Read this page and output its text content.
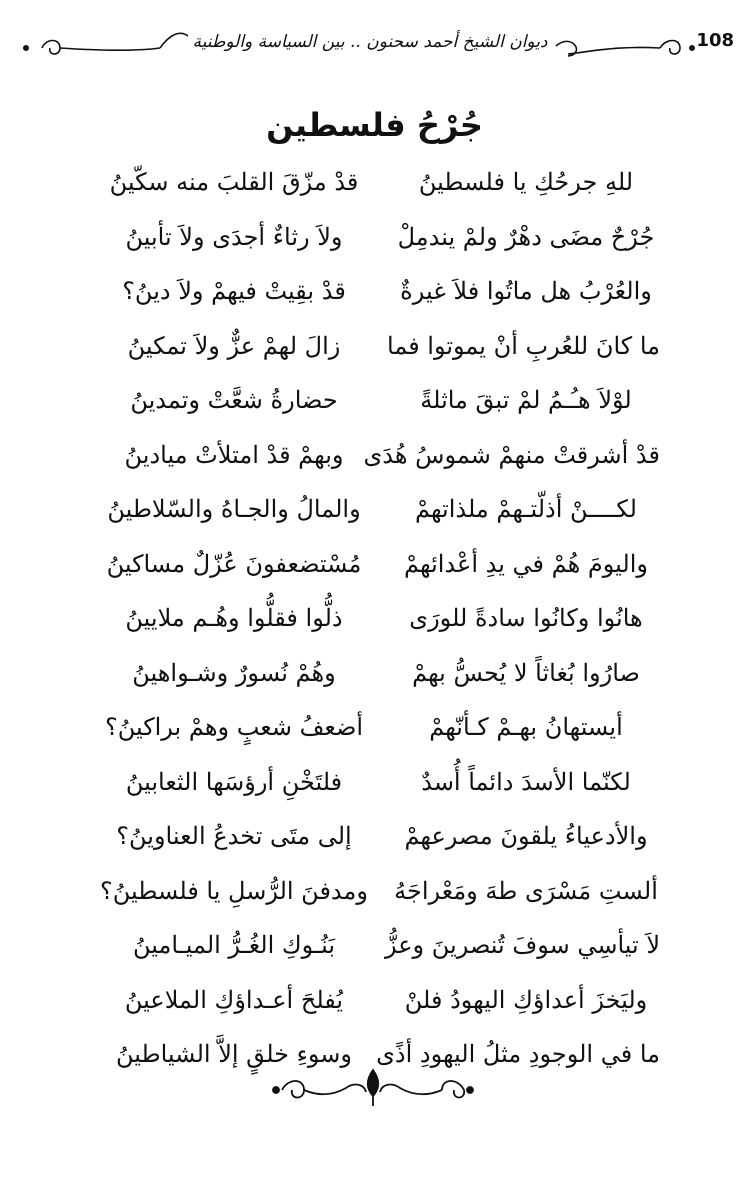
ديوان الشيخ أحمد سحنون .. بين السياسة والوطنية	108
جُرْحُ فلسطين
للهِ جرحُكِ يا فلسطينُ
قدْ مزّقَ القلبَ منه سكّينُ
جُرْحٌ مضَى دهْرٌ ولمْ يندمِلْ
ولاَ رثاءٌ أجدَى ولاَ تأبينُ
والعُرْبُ هل ماتُوا فلاَ غيرةٌ
قدْ بقِيتْ فيهمْ ولاَ دينُ؟
ما كانَ للعُربِ أنْ يموتوا فما
زالَ لهمْ عزٌّ ولاَ تمكينُ
لوْلاَ هـُـمُ لمْ تبقَ ماثلةً
حضارةُ شعَّتْ وتمدينُ
قدْ أشرقتْ منهمْ شموسُ هُدَى
وبهمْ قدْ امتلأتْ ميادينُ
لكــــنْ أذلّتـهمْ ملذاتهمْ
والمالُ والجـاهُ والسّلاطينُ
واليومَ هُمْ في يدِ أعْدائهمْ
مُسْتضعفونَ عُزّلٌ مساكينُ
هانُوا وكانُوا سادةً للورَى
ذلُّوا فقلُّوا وهُـم ملايينُ
صارُوا بُغاثاً لا يُحسُّ بهمْ
وهُمْ نُسورٌ وشـواهينُ
أيستهانُ بهـمْ كـأنّهمْ
أضعفُ شعبٍ وهمْ براكينُ؟
لكنّما الأسدَ دائماً أُسدٌ
فلتَخْنِ أرؤسَها الثعابينُ
والأدعياءُ يلقونَ مصرعهمْ
إلى متَى تخدعُ العناوينُ؟
ألستِ مَسْرَى طهَ ومَعْراجَهُ
ومدفنَ الرُّسلِ يا فلسطينُ؟
لاَ تيأسِي سوفَ تُنصرينَ وعزُّ
بَنُـوكِ الغُـرُّ الميـامينُ
وليَخزَ أعداؤكِ اليهودُ فلنْ
يُفلحَ أعـداؤكِ الملاعينُ
ما في الوجودِ مثلُ اليهودِ أذًى
وسوءِ خلقٍ إلاَّ الشياطينُ
